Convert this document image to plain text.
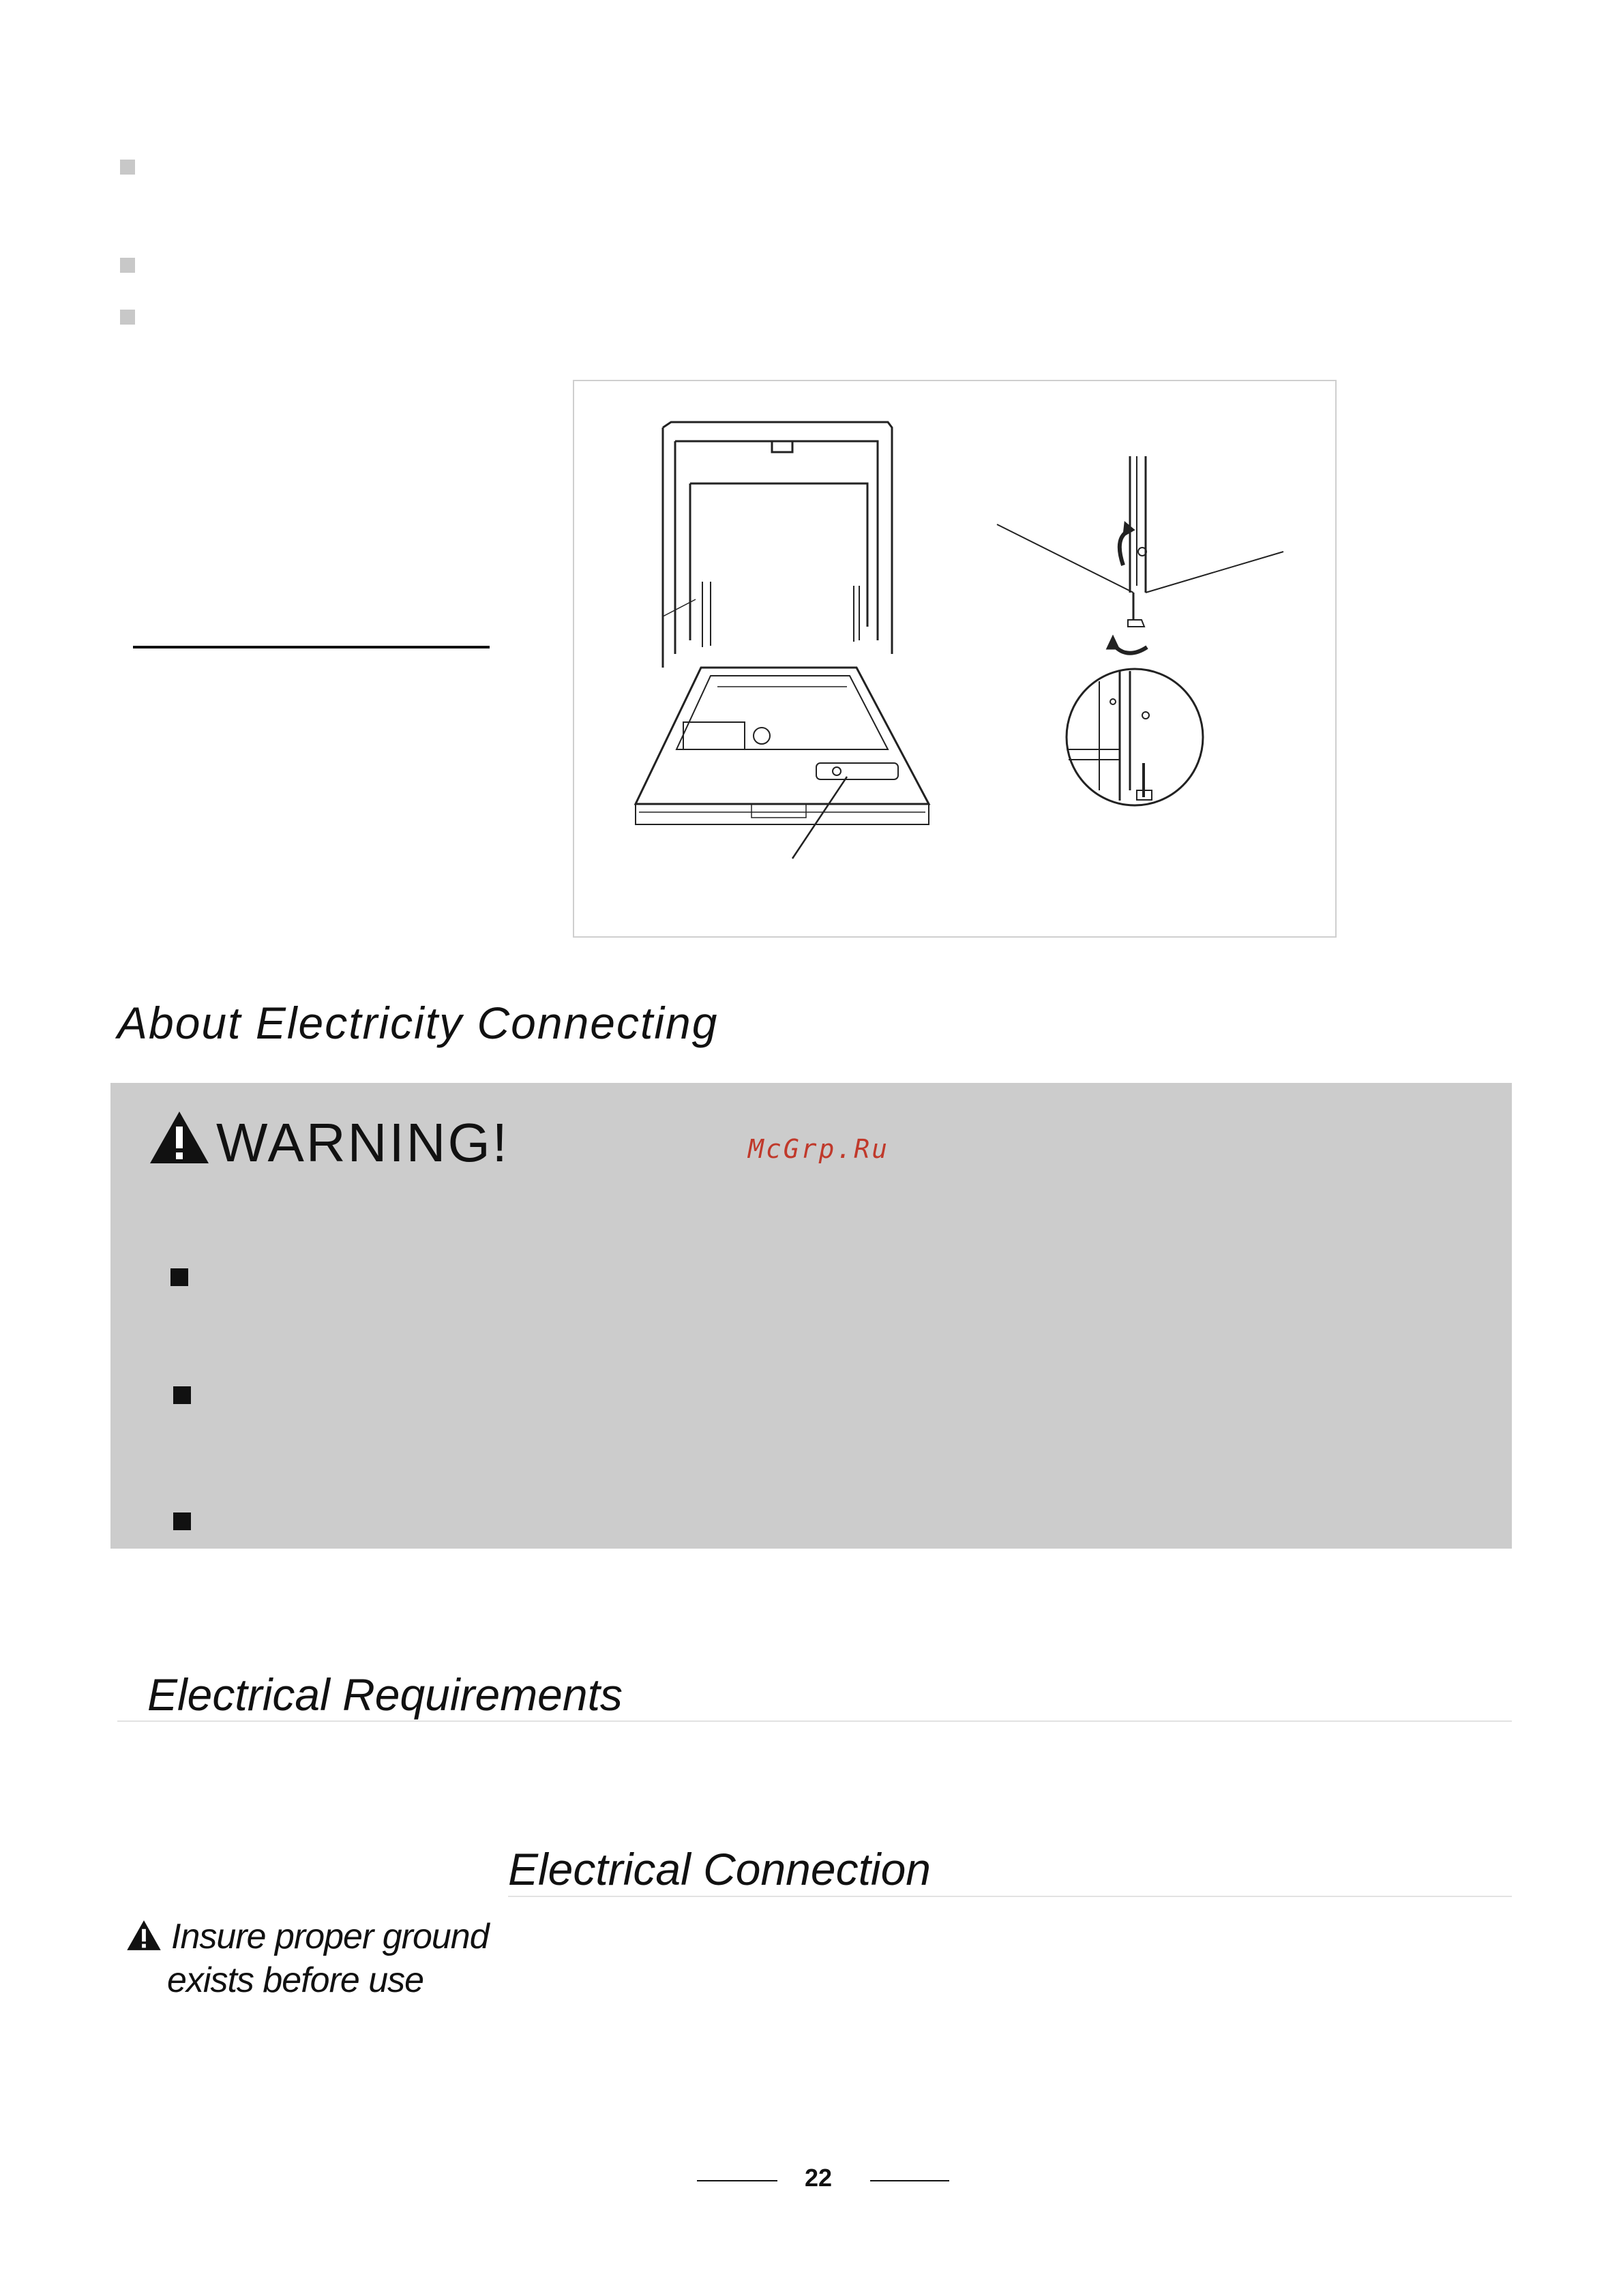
About Electricity Connecting
WARNING!	McGrp.Ru
Electrical Requirements
Electrical Connection
Insure proper ground
exists before use
22
